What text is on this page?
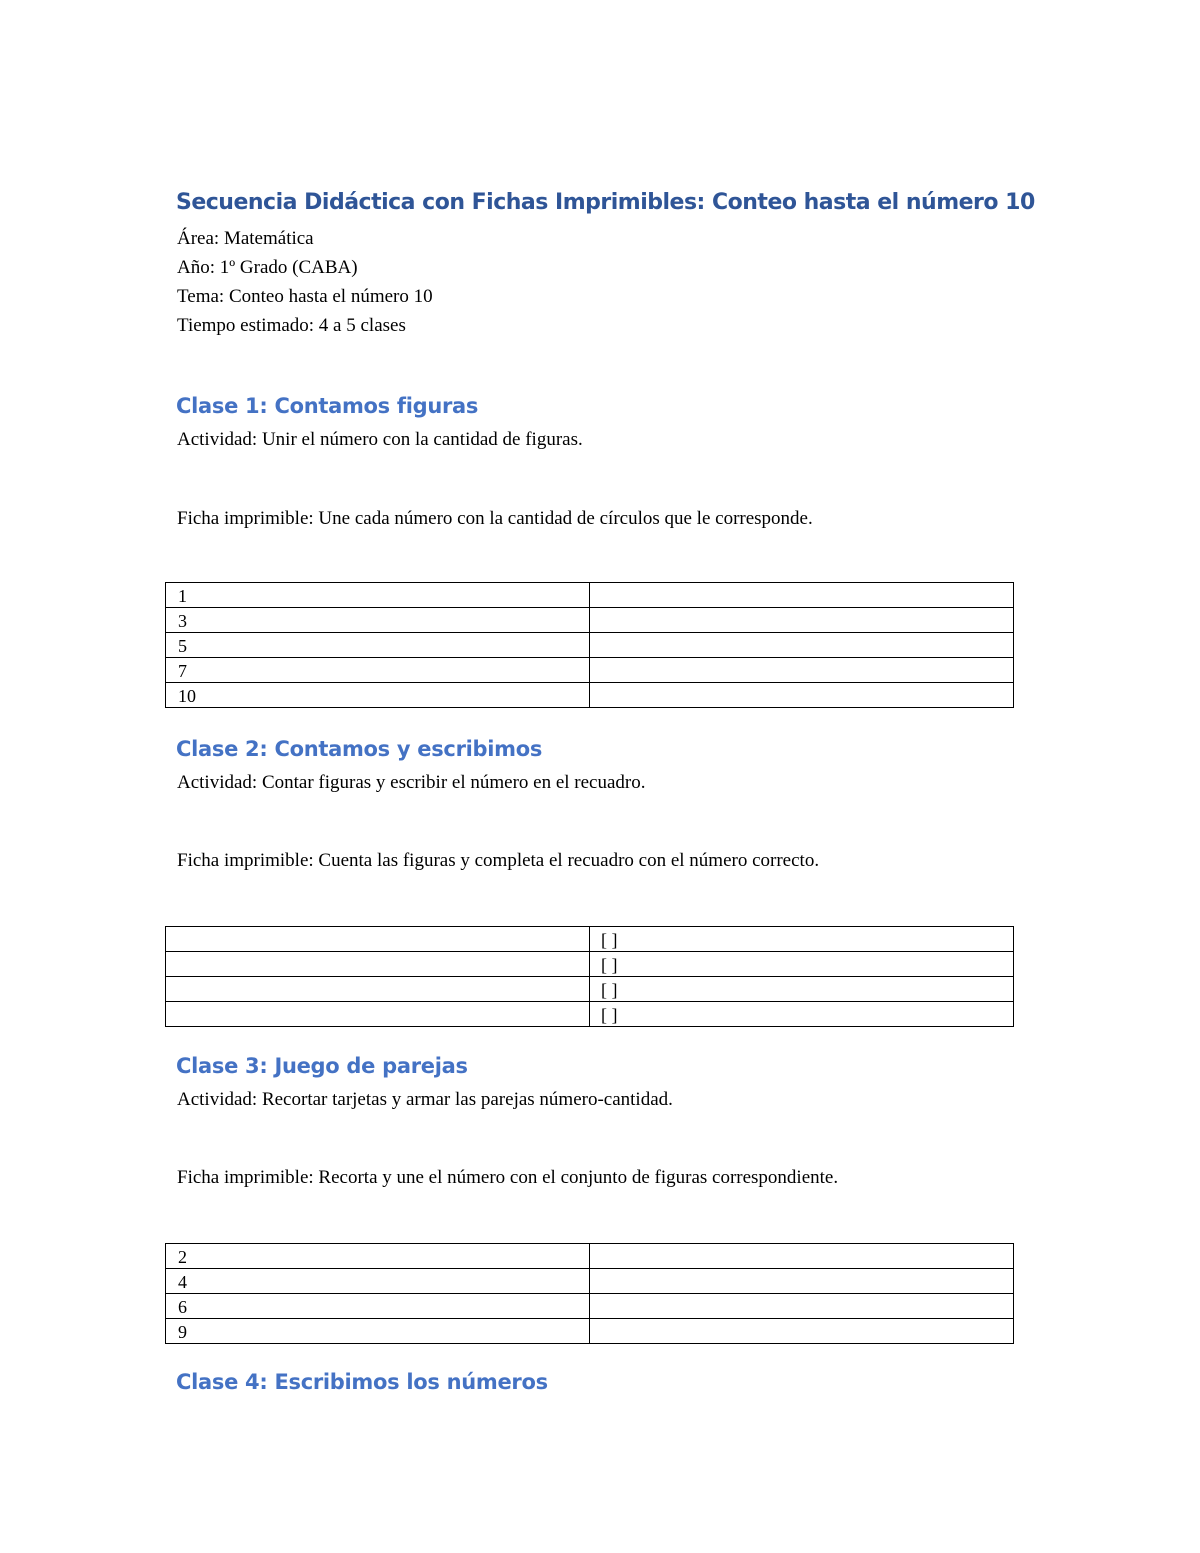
Secuencia Didáctica con Fichas Imprimibles: Conteo hasta el número 10
Área: Matemática
Año: 1º Grado (CABA)
Tema: Conteo hasta el número 10
Tiempo estimado: 4 a 5 clases
Clase 1: Contamos figuras
Actividad: Unir el número con la cantidad de figuras.
Ficha imprimible: Une cada número con la cantidad de círculos que le corresponde.
1	
3	
5	
7	
10	
Clase 2: Contamos y escribimos
Actividad: Contar figuras y escribir el número en el recuadro.
Ficha imprimible: Cuenta las figuras y completa el recuadro con el número correcto.
	[ ]
	[ ]
	[ ]
	[ ]
Clase 3: Juego de parejas
Actividad: Recortar tarjetas y armar las parejas número-cantidad.
Ficha imprimible: Recorta y une el número con el conjunto de figuras correspondiente.
2	
4	
6	
9	
Clase 4: Escribimos los números
